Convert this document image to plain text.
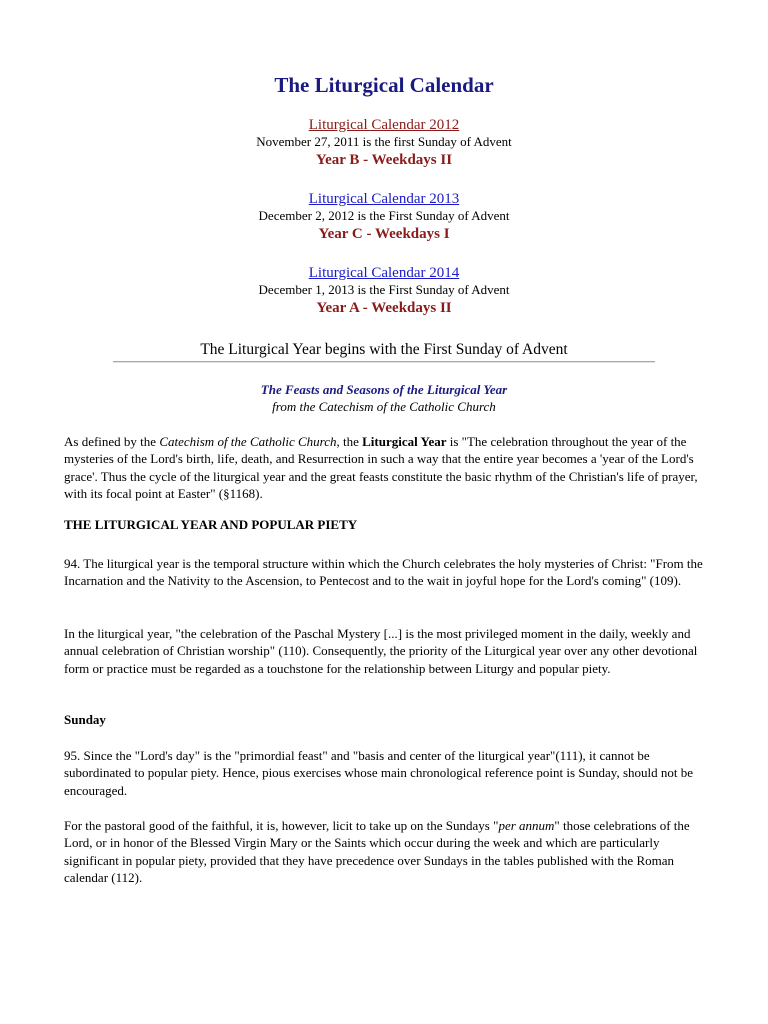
The Liturgical Calendar
Liturgical Calendar 2012
November 27, 2011 is the first Sunday of Advent
Year B - Weekdays II
Liturgical Calendar 2013
December 2, 2012 is the First Sunday of Advent
Year C - Weekdays I
Liturgical Calendar 2014
December 1, 2013 is the First Sunday of Advent
Year A - Weekdays II
The Liturgical Year begins with the First Sunday of Advent
The Feasts and Seasons of the Liturgical Year
from the Catechism of the Catholic Church

As defined by the Catechism of the Catholic Church, the Liturgical Year is "The celebration throughout the year of the mysteries of the Lord's birth, life, death, and Resurrection in such a way that the entire year becomes a 'year of the Lord's grace'. Thus the cycle of the liturgical year and the great feasts constitute the basic rhythm of the Christian's life of prayer, with its focal point at Easter" (§1168).

THE LITURGICAL YEAR AND POPULAR PIETY

94. The liturgical year is the temporal structure within which the Church celebrates the holy mysteries of Christ: "From the Incarnation and the Nativity to the Ascension, to Pentecost and to the wait in joyful hope for the Lord's coming" (109).

In the liturgical year, "the celebration of the Paschal Mystery [...] is the most privileged moment in the daily, weekly and annual celebration of Christian worship" (110). Consequently, the priority of the Liturgical year over any other devotional form or practice must be regarded as a touchstone for the relationship between Liturgy and popular piety.

Sunday

95. Since the "Lord's day" is the "primordial feast" and "basis and center of the liturgical year"(111), it cannot be subordinated to popular piety. Hence, pious exercises whose main chronological reference point is Sunday, should not be encouraged.

For the pastoral good of the faithful, it is, however, licit to take up on the Sundays "per annum" those celebrations of the Lord, or in honor of the Blessed Virgin Mary or the Saints which occur during the week and which are particularly significant in popular piety, provided that they have precedence over Sundays in the tables published with the Roman calendar (112).
